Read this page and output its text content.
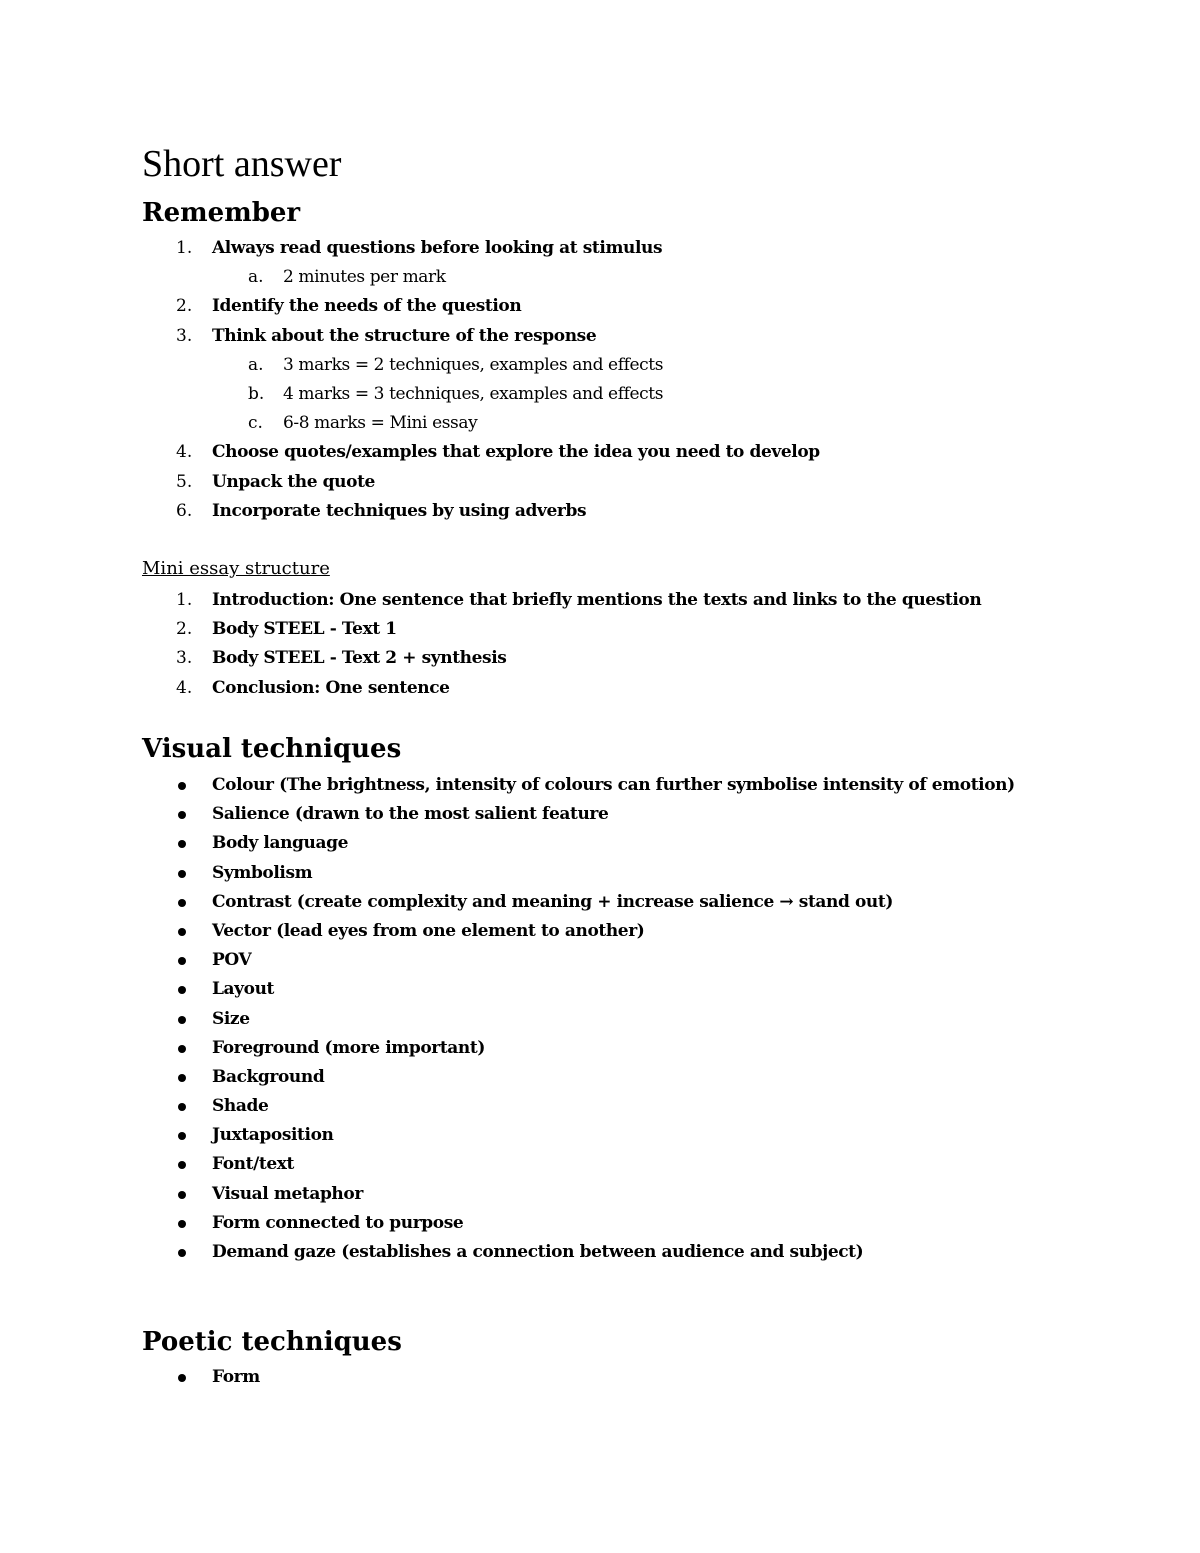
Short answer
Remember
1. Always read questions before looking at stimulus
a. 2 minutes per mark
2. Identify the needs of the question
3. Think about the structure of the response
a. 3 marks = 2 techniques, examples and effects
b. 4 marks = 3 techniques, examples and effects
c. 6-8 marks = Mini essay
4. Choose quotes/examples that explore the idea you need to develop
5. Unpack the quote
6. Incorporate techniques by using adverbs
Mini essay structure
1. Introduction: One sentence that briefly mentions the texts and links to the question
2. Body STEEL - Text 1
3. Body STEEL - Text 2 + synthesis
4. Conclusion: One sentence
Visual techniques
Colour (The brightness, intensity of colours can further symbolise intensity of emotion)
Salience (drawn to the most salient feature
Body language
Symbolism
Contrast (create complexity and meaning + increase salience → stand out)
Vector (lead eyes from one element to another)
POV
Layout
Size
Foreground (more important)
Background
Shade
Juxtaposition
Font/text
Visual metaphor
Form connected to purpose
Demand gaze (establishes a connection between audience and subject)
Poetic techniques
Form
